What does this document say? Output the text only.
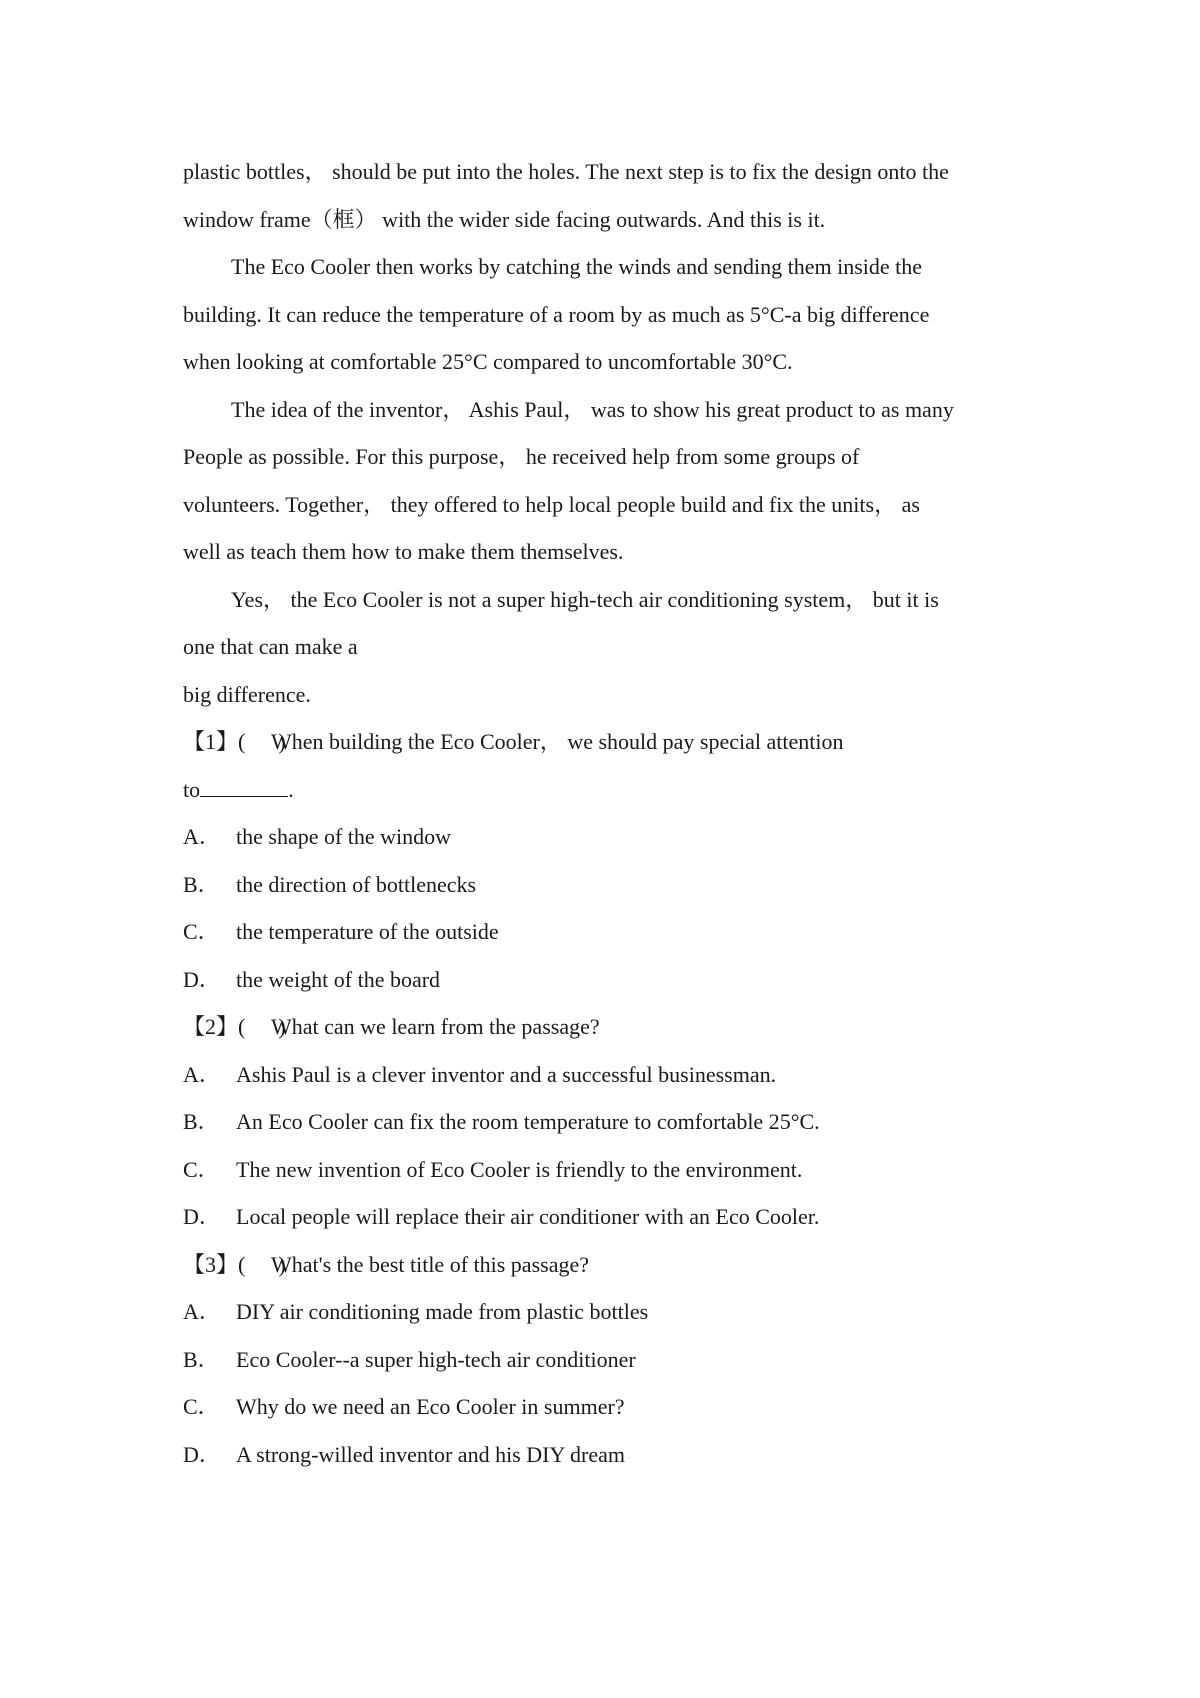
plastic bottles， should be put into the holes. The next step is to fix the design onto the
window frame（框） with the wider side facing outwards. And this is it.
The Eco Cooler then works by catching the winds and sending them inside the
building. It can reduce the temperature of a room by as much as 5°C-a big difference
when looking at comfortable 25°C compared to uncomfortable 30°C.
The idea of the inventor， Ashis Paul， was to show his great product to as many
People as possible. For this purpose， he received help from some groups of
volunteers. Together， they offered to help local people build and fix the units， as
well as teach them how to make them themselves.
Yes， the Eco Cooler is not a super high-tech air conditioning system， but it is
one that can make a
big difference.
【1】(      )When building the Eco Cooler， we should pay special attention
to	.
A． the shape of the window
B． the direction of bottlenecks
C． the temperature of the outside
D． the weight of the board
【2】(      )What can we learn from the passage?
A． Ashis Paul is a clever inventor and a successful businessman.
B． An Eco Cooler can fix the room temperature to comfortable 25°C.
C． The new invention of Eco Cooler is friendly to the environment.
D． Local people will replace their air conditioner with an Eco Cooler.
【3】(      )What's the best title of this passage?
A． DIY air conditioning made from plastic bottles
B． Eco Cooler--a super high-tech air conditioner
C． Why do we need an Eco Cooler in summer?
D． A strong-willed inventor and his DIY dream
